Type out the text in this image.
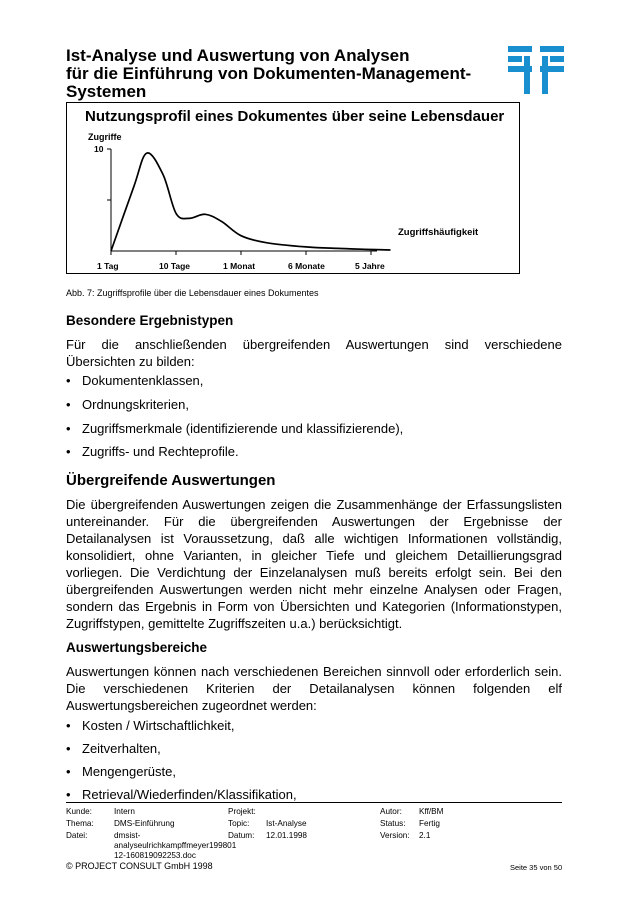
Ist-Analyse und Auswertung von Analysen
für die Einführung von Dokumenten-Management-
Systemen
Nutzungsprofil eines Dokumentes über seine Lebensdauer
Zugriffe
10
Zugriffshäufigkeit
1 Tag	10 Tage	1 Monat	6 Monate	5 Jahre
Abb. 7: Zugriffsprofile über die Lebensdauer eines Dokumentes
Besondere Ergebnistypen
Für die anschließenden übergreifenden Auswertungen sind verschiedene
Übersichten zu bilden:
• Dokumentenklassen,
• Ordnungskriterien,
• Zugriffsmerkmale (identifizierende und klassifizierende),
• Zugriffs- und Rechteprofile.
Übergreifende Auswertungen
Die übergreifenden Auswertungen zeigen die Zusammenhänge der Erfassungslisten
untereinander. Für die übergreifenden Auswertungen der Ergebnisse der
Detailanalysen ist Voraussetzung, daß alle wichtigen Informationen vollständig,
konsolidiert, ohne Varianten, in gleicher Tiefe und gleichem Detaillierungsgrad
vorliegen. Die Verdichtung der Einzelanalysen muß bereits erfolgt sein. Bei den
übergreifenden Auswertungen werden nicht mehr einzelne Analysen oder Fragen,
sondern das Ergebnis in Form von Übersichten und Kategorien (Informationstypen,
Zugriffstypen, gemittelte Zugriffszeiten u.a.) berücksichtigt.
Auswertungsbereiche
Auswertungen können nach verschiedenen Bereichen sinnvoll oder erforderlich sein.
Die verschiedenen Kriterien der Detailanalysen können folgenden elf
Auswertungsbereichen zugeordnet werden:
• Kosten / Wirtschaftlichkeit,
• Zeitverhalten,
• Mengengerüste,
• Retrieval/Wiederfinden/Klassifikation,
Kunde:	Intern
Thema: DMS-Einführung
Datei:	dmsist-
analyseulrichkampffmeyer199801
12-160819092253.doc
Projekt:
Topic: Ist-Analyse
Datum: 12.01.1998
Autor: Kff/BM
Status: Fertig
Version: 2.1
© PROJECT CONSULT GmbH 1998	Seite 35 von 50
